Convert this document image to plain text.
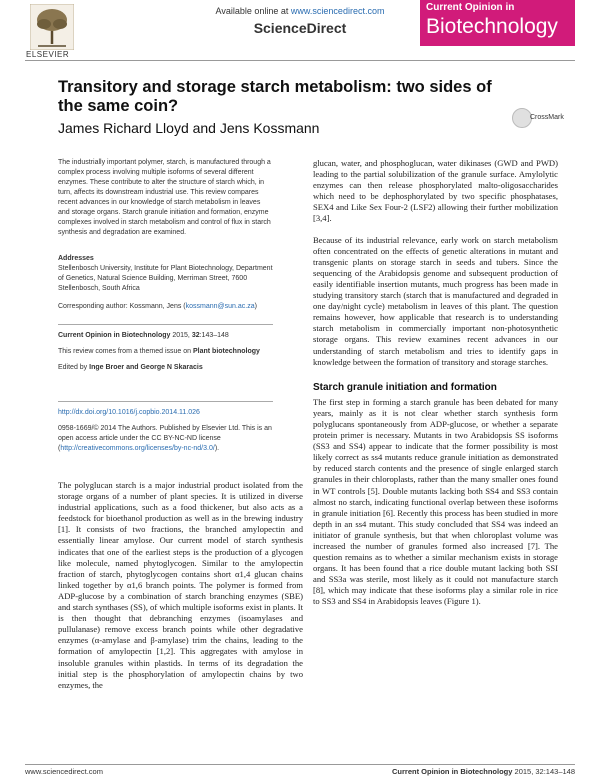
ELSEVIER
Available online at www.sciencedirect.com
ScienceDirect
Current Opinion in
Biotechnology
Transitory and storage starch metabolism: two sides of the same coin?
James Richard Lloyd and Jens Kossmann
CrossMark

The industrially important polymer, starch, is manufactured through a complex process involving multiple isoforms of several different enzymes. These contribute to alter the structure of starch which, in turn, affects its downstream industrial use. This review compares recent advances in our knowledge of starch metabolism in leaves and storage organs. Starch granule initiation and formation, enzyme complexes involved in starch metabolism and control of flux in starch synthesis and degradation are examined.

Addresses

Stellenbosch University, Institute for Plant Biotechnology, Department of Genetics, Natural Science Building, Merriman Street, 7600 Stellenbosch, South Africa

Corresponding author: Kossmann, Jens (kossmann@sun.ac.za)

Current Opinion in Biotechnology 2015, 32:143–148

This review comes from a themed issue on Plant biotechnology

Edited by Inge Broer and George N Skaracis

http://dx.doi.org/10.1016/j.copbio.2014.11.026

0958-1669/© 2014 The Authors. Published by Elsevier Ltd. This is an open access article under the CC BY-NC-ND license (http://creativecommons.org/licenses/by-nc-nd/3.0/).

The polyglucan starch is a major industrial product isolated from the storage organs of a number of plant species. It is utilized in diverse industrial applications, such as a food thickener, but also acts as a feedstock for bioethanol production as well as in the brewing industry [1]. It consists of two fractions, the branched amylopectin and essentially linear amylose. Our current model of starch synthesis indicates that one of the earliest steps is the production of a glycogen like molecule, named phytoglycogen. Similar to the amylopectin fraction of starch, phytoglycogen contains short α1,4 glucan chains linked together by α1,6 branch points. The polymer is formed from ADP-glucose by a combination of starch branching enzymes (SBE) and starch synthases (SS), of which multiple isoforms exist in plants. It is then thought that debranching enzymes (isoamylases and pullulanase) remove excess branch points while other degradative enzymes (α-amylase and β-amylase) trim the chains, leading to the formation of amylopectin [1,2]. This aggregates with amylose in insoluble granules within plastids. In terms of its degradation the initial step is the phosphorylation of amylopectin chains by two enzymes, the

glucan, water, and phosphoglucan, water dikinases (GWD and PWD) leading to the partial solubilization of the granule surface. Amylolytic enzymes can then release phosphorylated malto-oligosaccharides which need to be dephosphorylated by two specific phosphatases, SEX4 and Like Sex Four-2 (LSF2) allowing their further mobilization [3,4].

Because of its industrial relevance, early work on starch metabolism often concentrated on the effects of genetic alterations in mutant and transgenic plants on storage starch in seeds and tubers. Since the sequencing of the Arabidopsis genome and subsequent production of easily identifiable insertion mutants, much progress has been made in studying transitory starch (starch that is manufactured and degraded in one day/night cycle) metabolism in leaves of this plant. The question remains however, how applicable that research is to understanding starch metabolism in commercially important non-photosynthetic storage organs. This review examines recent advances in our understanding of starch metabolism and tries to identify gaps in knowledge between the formation of transitory and storage starches.

Starch granule initiation and formation

The first step in forming a starch granule has been debated for many years, mainly as it is not clear whether starch synthesis form polyglucans spontaneously from ADP-glucose, or whether a separate protein primer is necessary. Mutants in two Arabidopsis SS isoforms (SS3 and SS4) appear to indicate that the former possibility is most likely correct as ss4 mutants reduce granule initiation as demonstrated by reduced starch contents and the presence of single enlarged starch granules in their chloroplasts, rather than the many smaller ones found in WT controls [5]. Double mutants lacking both SS4 and SS3 contain almost no starch, indicating functional overlap between these isoforms in granule initiation [6]. Recently this process has been studied in more depth in an ss4 mutant. This study concluded that SS4 was indeed an initiator of granule synthesis, but that when chloroplast volume was increased the number of granules formed also increased [7]. The question remains as to whether a similar mechanism exists in storage organs. It has been found that a rice double mutant lacking both SSI and SS3a was sterile, most likely as it could not manufacture starch [8], which may indicate that these isoforms play a similar role in rice to SS3 and SS4 in Arabidopsis leaves (Figure 1).

www.sciencedirect.com	Current Opinion in Biotechnology 2015, 32:143–148
